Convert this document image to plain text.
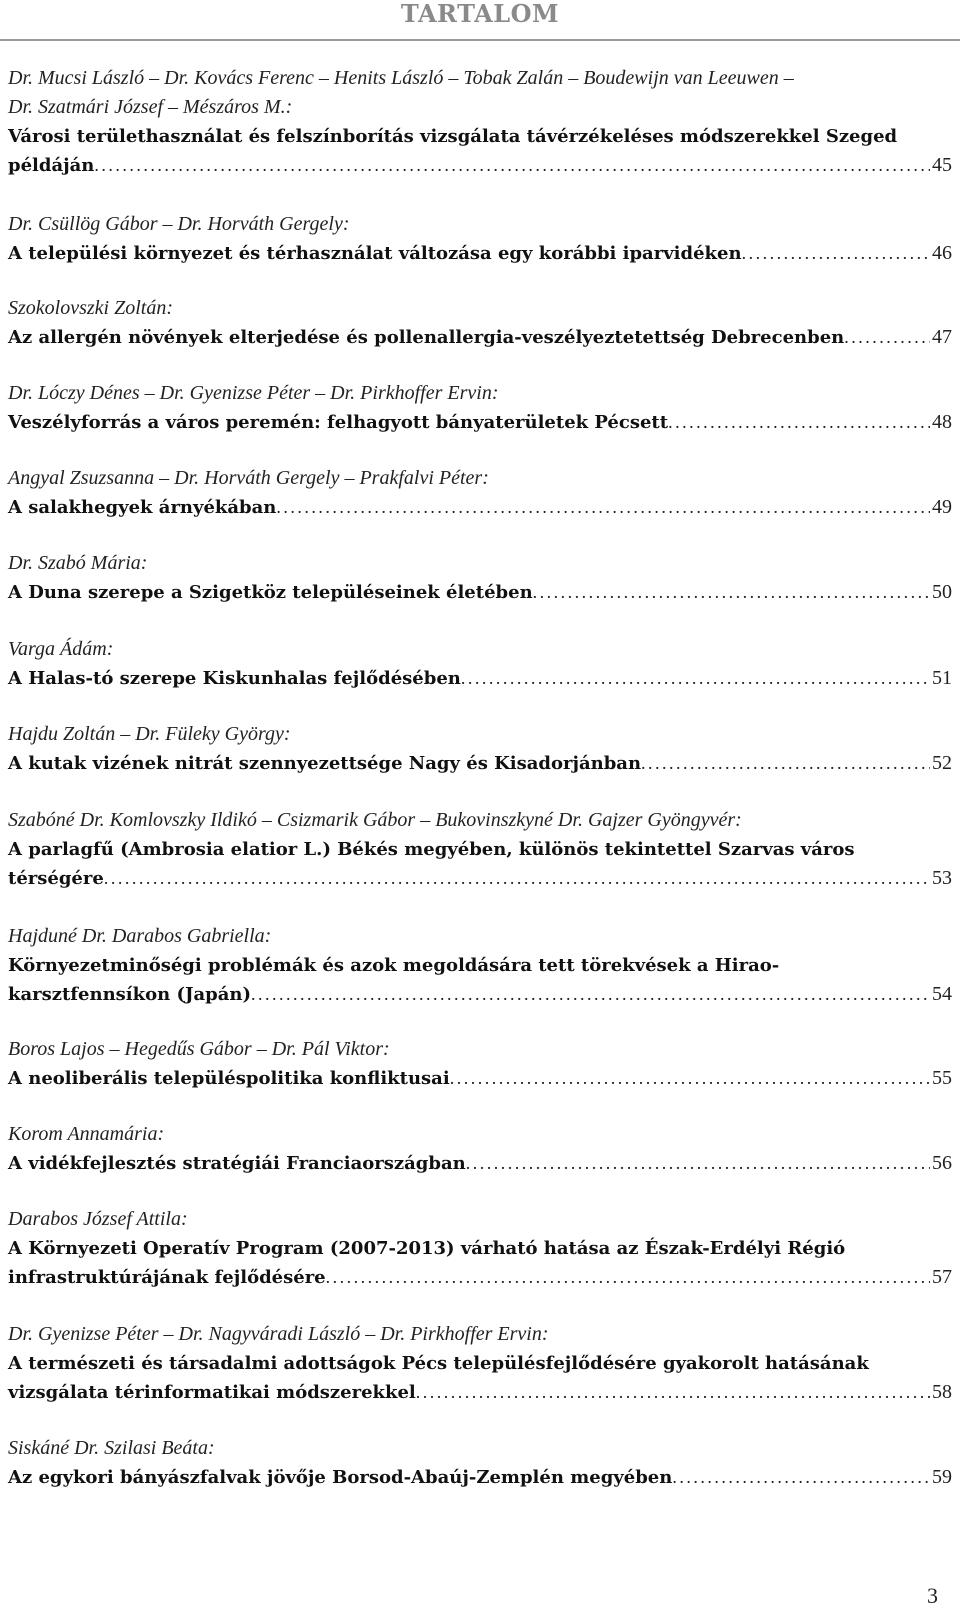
TARTALOM
Dr. Mucsi László – Dr. Kovács Ferenc – Henits László – Tobak Zalán – Boudewijn van Leeuwen –
Dr. Szatmári József – Mészáros M.:
Városi területhasználat és felszínborítás vizsgálata távérzékeléses módszerekkel Szeged
példáján . . .	45
Dr. Csüllög Gábor – Dr. Horváth Gergely:
A települési környezet és térhasználat változása egy korábbi iparvidéken . . .	46
Szokolovszki Zoltán:
Az allergén növények elterjedése és pollenallergia-veszélyeztetettség Debrecenben . . .	47
Dr. Lóczy Dénes – Dr. Gyenizse Péter – Dr. Pirkhoffer Ervin:
Veszélyforrás a város peremén: felhagyott bányaterületek Pécsett . . .	48
Angyal Zsuzsanna – Dr. Horváth Gergely – Prakfalvi Péter:
A salakhegyek árnyékában . . .	49
Dr. Szabó Mária:
A Duna szerepe a Szigetköz településeinek életében . . .	50
Varga Ádám:
A Halas-tó szerepe Kiskunhalas fejlődésében . . .	51
Hajdu Zoltán – Dr. Füleky György:
A kutak vizének nitrát szennyezettsége Nagy és Kisadorjánban . . .	52
Szabóné Dr. Komlovszky Ildikó – Csizmarik Gábor – Bukovinszkyné Dr. Gajzer Gyöngyvér:
A parlagfű (Ambrosia elatior L.) Békés megyében, különös tekintettel Szarvas város
térségére . . .	53
Hajduné Dr. Darabos Gabriella:
Környezetminőségi problémák és azok megoldására tett törekvések a Hirao-
karsztfennsíkon (Japán) . . .	54
Boros Lajos – Hegedűs Gábor – Dr. Pál Viktor:
A neoliberális településpolitika konfliktusai . . .	55
Korom Annamária:
A vidékfejlesztés stratégiái Franciaországban . . .	56
Darabos József Attila:
A Környezeti Operatív Program (2007-2013) várható hatása az Észak-Erdélyi Régió
infrastruktúrájának fejlődésére . . .	57
Dr. Gyenizse Péter – Dr. Nagyváradi László – Dr. Pirkhoffer Ervin:
A természeti és társadalmi adottságok Pécs településfejlődésére gyakorolt hatásának
vizsgálata térinformatikai módszerekkel . . .	58
Siskáné Dr. Szilasi Beáta:
Az egykori bányászfalvak jövője Borsod-Abaúj-Zemplén megyében . . .	59
3
